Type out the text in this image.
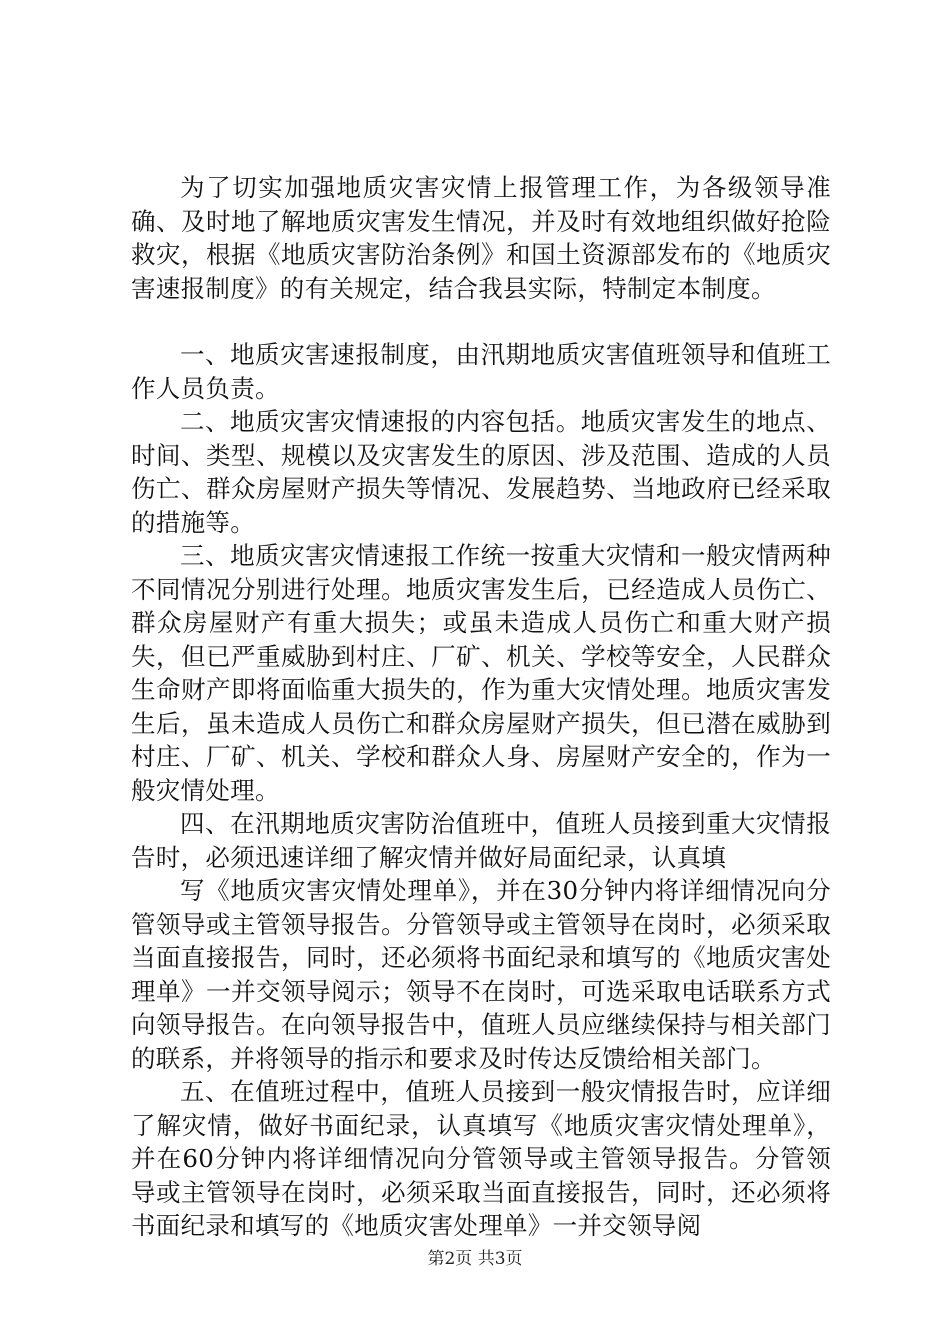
为了切实加强地质灾害灾情上报管理工作，为各级领导准确、及时地了解地质灾害发生情况，并及时有效地组织做好抢险救灾，根据《地质灾害防治条例》和国土资源部发布的《地质灾害速报制度》的有关规定，结合我县实际，特制定本制度。

一、地质灾害速报制度，由汛期地质灾害值班领导和值班工作人员负责。

二、地质灾害灾情速报的内容包括。地质灾害发生的地点、时间、类型、规模以及灾害发生的原因、涉及范围、造成的人员伤亡、群众房屋财产损失等情况、发展趋势、当地政府已经采取的措施等。

三、地质灾害灾情速报工作统一按重大灾情和一般灾情两种不同情况分别进行处理。地质灾害发生后，已经造成人员伤亡、群众房屋财产有重大损失；或虽未造成人员伤亡和重大财产损失，但已严重威胁到村庄、厂矿、机关、学校等安全，人民群众生命财产即将面临重大损失的，作为重大灾情处理。地质灾害发生后，虽未造成人员伤亡和群众房屋财产损失，但已潜在威胁到村庄、厂矿、机关、学校和群众人身、房屋财产安全的，作为一般灾情处理。

四、在汛期地质灾害防治值班中，值班人员接到重大灾情报告时，必须迅速详细了解灾情并做好局面纪录，认真填

写《地质灾害灾情处理单》，并在30分钟内将详细情况向分管领导或主管领导报告。分管领导或主管领导在岗时，必须采取当面直接报告，同时，还必须将书面纪录和填写的《地质灾害处理单》一并交领导阅示；领导不在岗时，可选采取电话联系方式向领导报告。在向领导报告中，值班人员应继续保持与相关部门的联系，并将领导的指示和要求及时传达反馈给相关部门。

五、在值班过程中，值班人员接到一般灾情报告时，应详细了解灾情，做好书面纪录，认真填写《地质灾害灾情处理单》，并在60分钟内将详细情况向分管领导或主管领导报告。分管领导或主管领导在岗时，必须采取当面直接报告，同时，还必须将书面纪录和填写的《地质灾害处理单》一并交领导阅

第2页 共3页
